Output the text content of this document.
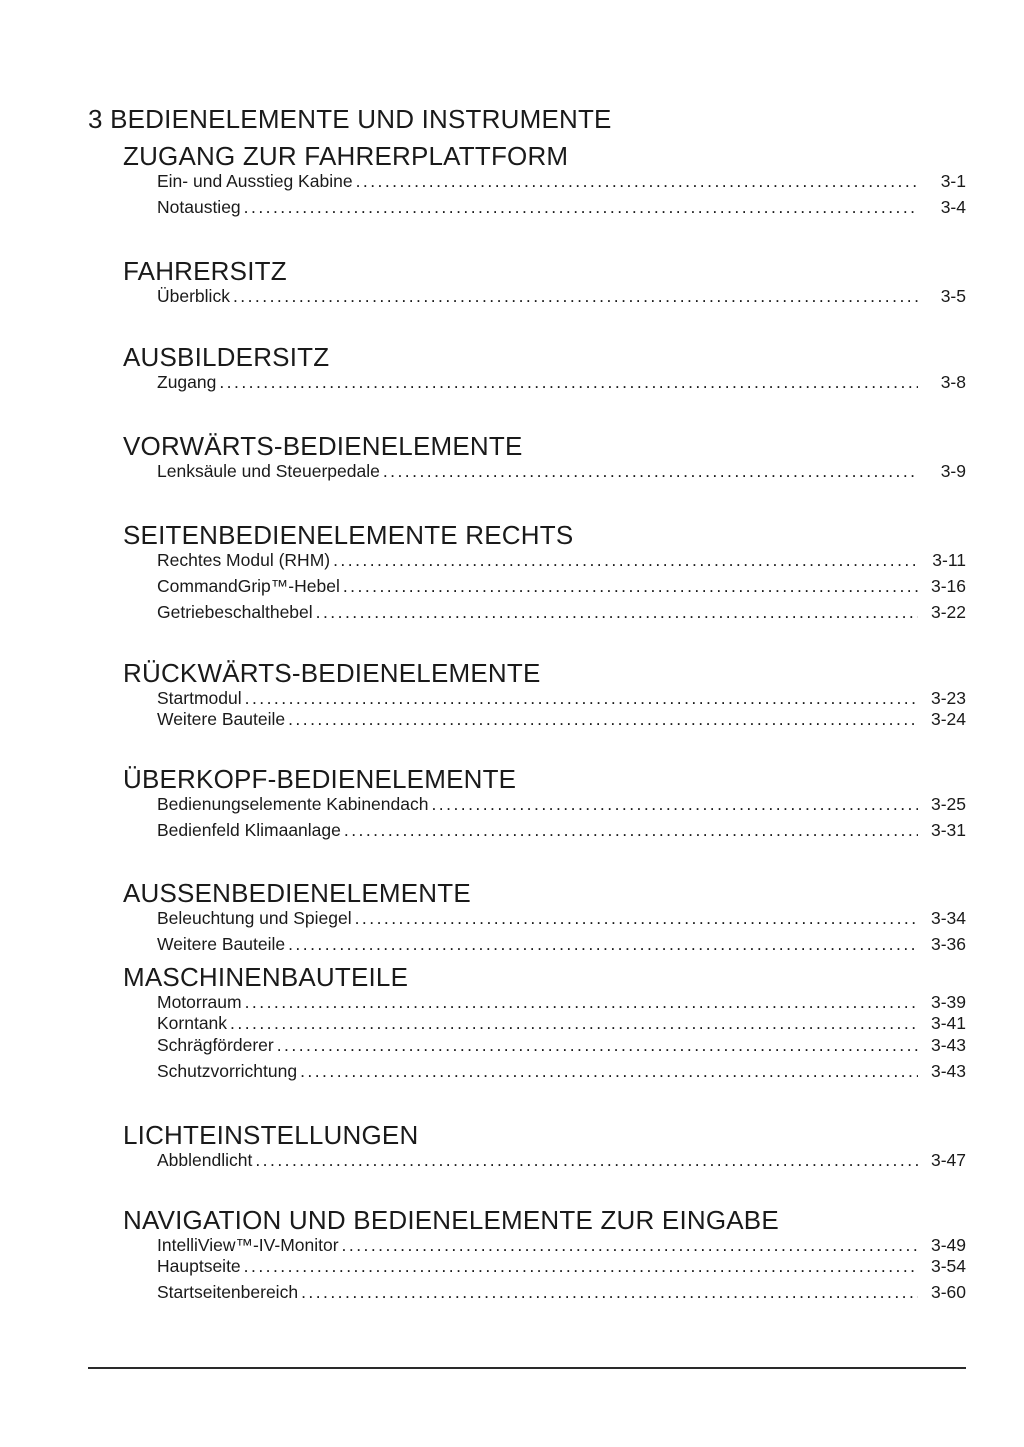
3 BEDIENELEMENTE UND INSTRUMENTE
ZUGANG ZUR FAHRERPLATTFORM
Ein- und Ausstieg Kabine . . .	3-1
Notaustieg . . .	3-4
FAHRERSITZ
Überblick . . .	3-5
AUSBILDERSITZ
Zugang . . .	3-8
VORWÄRTS-BEDIENELEMENTE
Lenksäule und Steuerpedale . . .	3-9
SEITENBEDIENELEMENTE RECHTS
Rechtes Modul (RHM) . . .	3-11
CommandGrip™-Hebel . . .	3-16
Getriebeschalthebel . . .	3-22
RÜCKWÄRTS-BEDIENELEMENTE
Startmodul . . .	3-23
Weitere Bauteile . . .	3-24
ÜBERKOPF-BEDIENELEMENTE
Bedienungselemente Kabinendach . . .	3-25
Bedienfeld Klimaanlage . . .	3-31
AUSSENBEDIENELEMENTE
Beleuchtung und Spiegel . . .	3-34
Weitere Bauteile . . .	3-36
MASCHINENBAUTEILE
Motorraum . . .	3-39
Korntank . . .	3-41
Schrägförderer . . .	3-43
Schutzvorrichtung . . .	3-43
LICHTEINSTELLUNGEN
Abblendlicht . . .	3-47
NAVIGATION UND BEDIENELEMENTE ZUR EINGABE
IntelliView™-IV-Monitor . . .	3-49
Hauptseite . . .	3-54
Startseitenbereich . . .	3-60
